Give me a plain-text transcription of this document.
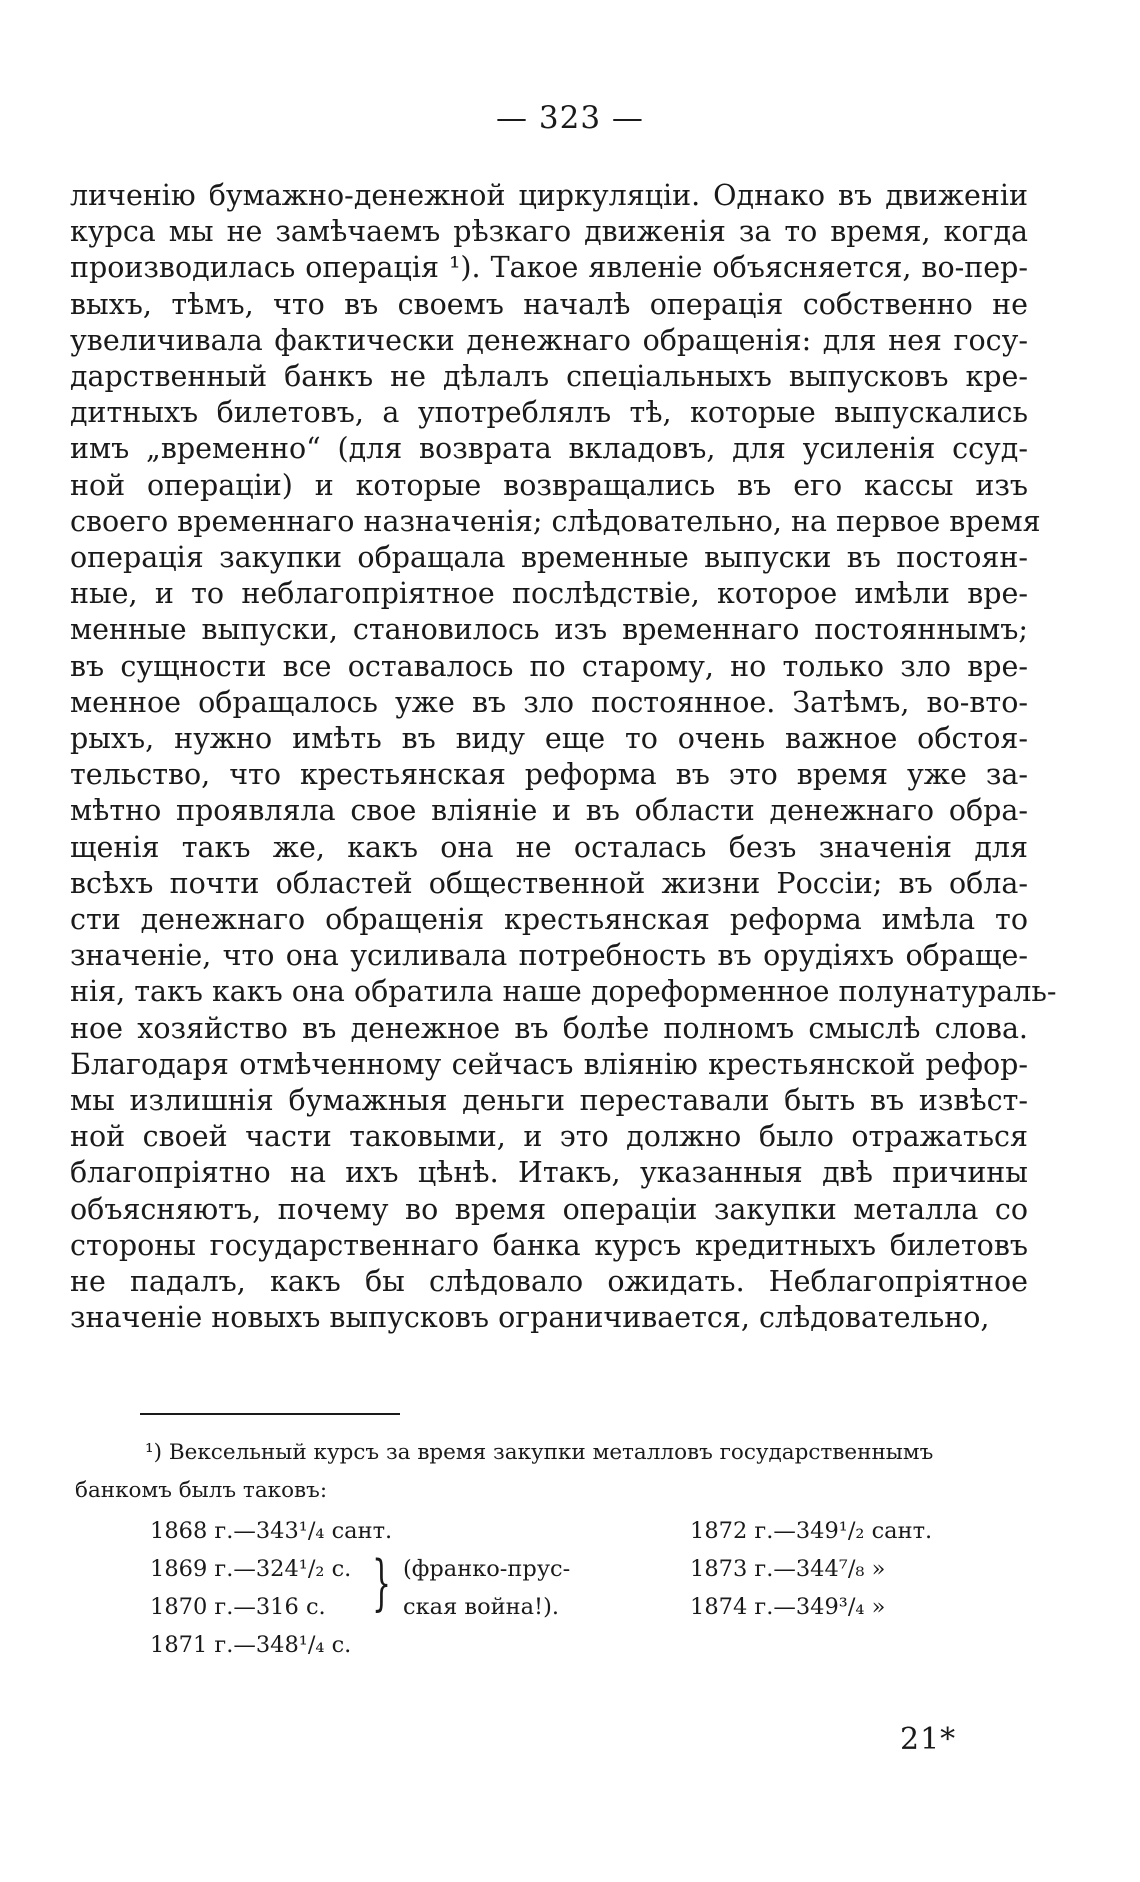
— 323 —
личенію бумажно-денежной циркуляціи. Однако въ движеніи
курса мы не замѣчаемъ рѣзкаго движенія за то время, когда
производилась операція ¹). Такое явленіе объясняется, во-пер-
выхъ, тѣмъ, что въ своемъ началѣ операція собственно не
увеличивала фактически денежнаго обращенія: для нея госу-
дарственный банкъ не дѣлалъ спеціальныхъ выпусковъ кре-
дитныхъ билетовъ, а употреблялъ тѣ, которые выпускались
имъ „временно“ (для возврата вкладовъ, для усиленія ссуд-
ной операціи) и которые возвращались въ его кассы изъ
своего временнаго назначенія; слѣдовательно, на первое время
операція закупки обращала временные выпуски въ постоян-
ные, и то неблагопріятное послѣдствіе, которое имѣли вре-
менные выпуски, становилось изъ временнаго постояннымъ;
въ сущности все оставалось по старому, но только зло вре-
менное обращалось уже въ зло постоянное. Затѣмъ, во-вто-
рыхъ, нужно имѣть въ виду еще то очень важное обстоя-
тельство, что крестьянская реформа въ это время уже за-
мѣтно проявляла свое вліяніе и въ области денежнаго обра-
щенія такъ же, какъ она не осталась безъ значенія для
всѣхъ почти областей общественной жизни Россіи; въ обла-
сти денежнаго обращенія крестьянская реформа имѣла то
значеніе, что она усиливала потребность въ орудіяхъ обраще-
нія, такъ какъ она обратила наше дореформенное полунатураль-
ное хозяйство въ денежное въ болѣе полномъ смыслѣ слова.
Благодаря отмѣченному сейчасъ вліянію крестьянской рефор-
мы излишнія бумажныя деньги переставали быть въ извѣст-
ной своей части таковыми, и это должно было отражаться
благопріятно на ихъ цѣнѣ. Итакъ, указанныя двѣ причины
объясняютъ, почему во время операціи закупки металла со
стороны государственнаго банка курсъ кредитныхъ билетовъ
не падалъ, какъ бы слѣдовало ожидать. Неблагопріятное
значеніе новыхъ выпусковъ ограничивается, слѣдовательно,
¹) Вексельный курсъ за время закупки металловъ государственнымъ
банкомъ былъ таковъ:
1868 г.—343¹/₄ сант.
1869 г.—324¹/₂ с.
1870 г.—316 с.
1871 г.—348¹/₄ с.
} (франко-прус-
ская война!).
1872 г.—349¹/₂ сант.
1873 г.—344⁷/₈ »
1874 г.—349³/₄ »
21*
